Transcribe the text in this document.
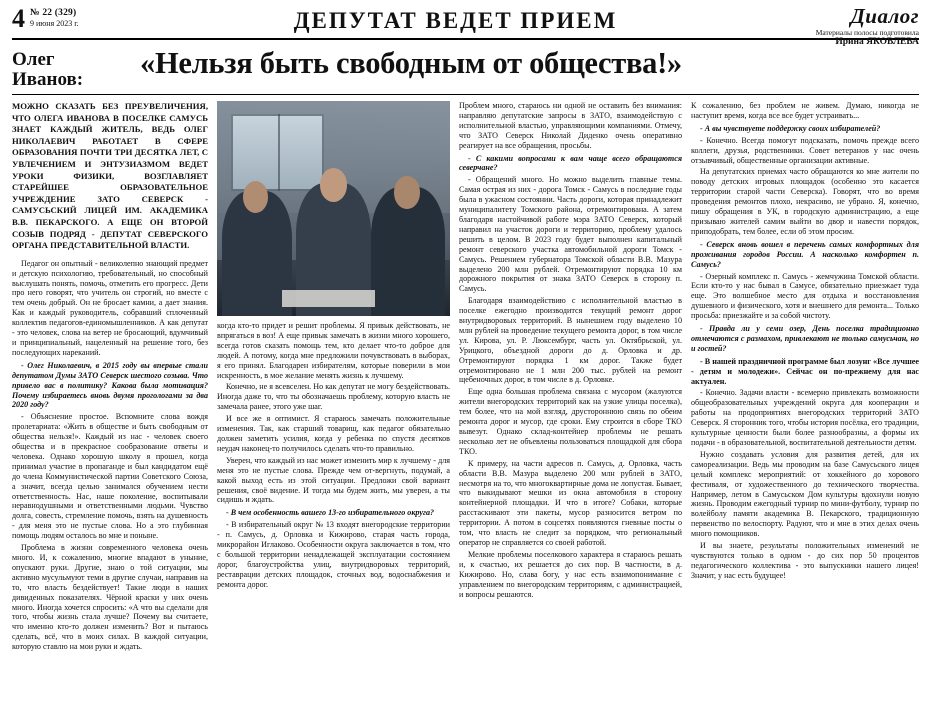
4 № 22 (329)
9 июня 2023 г.	ДЕПУТАТ ВЕДЕТ ПРИЕМ	Диалог
Материалы полосы подготовила
Ирина ЯКОВЛЕВА
Олег
Иванов:	«Нельзя быть свободным от общества!»
МОЖНО СКАЗАТЬ БЕЗ ПРЕУВЕЛИЧЕНИЯ, ЧТО ОЛЕГА ИВАНОВА В ПОСЕЛКЕ САМУСЬ ЗНАЕТ КАЖДЫЙ ЖИТЕЛЬ, ВЕДЬ ОЛЕГ НИКОЛАЕВИЧ РАБОТАЕТ В СФЕРЕ ОБРАЗОВАНИЯ ПОЧТИ ТРИ ДЕСЯТКА ЛЕТ, С УВЛЕЧЕНИЕМ И ЭНТУЗИАЗМОМ ВЕДЕТ УРОКИ ФИЗИКИ, ВОЗГЛАВЛЯЕТ СТАРЕЙШЕЕ ОБРАЗОВАТЕЛЬНОЕ УЧРЕЖДЕНИЕ ЗАТО СЕВЕРСК - САМУСЬСКИЙ ЛИЦЕЙ ИМ. АКАДЕМИКА В.В. ПЕКАРСКОГО. А ЕЩЕ ОН ВТОРОЙ СОЗЫВ ПОДРЯД - ДЕПУТАТ СЕВЕРСКОГО ОРГАНА ПРЕДСТАВИТЕЛЬНОЙ ВЛАСТИ.

Педагог он опытный - великолепно знающий предмет и детскую психологию, требовательный, но способный выслушать понять, помочь, отметить его прогресс. Дети про него говорят, что учитель он строгий, но вместе с тем очень добрый. Он не бросает камни, а дает знания. Как и каждый руководитель, собравший сплоченный коллектив педагогов-единомышленников. А как депутат - это человек, слова на ветер не бросающий, вдумчивый и принципиальный, нацеленный на решение того, без последующих нареканий.

- Олег Николаевич, в 2015 году вы впервые стали депутатом Думы ЗАТО Северск шестого созыва. Что привело вас в политику? Какова была мотивация? Почему избираетесь вновь двумя прогологами за два 2020 году?

- Объяснение простое. Вспомните слова вождя пролетариата: «Жить в обществе и быть свободным от общества нельзя!». Каждый из нас - человек своего общества и в прекрасное сообразование ответы и человека. Однако хорошую школу я прошел, когда принимал участие в пропаганде и был кандидатом ещё до члена Коммунистической партии Советского Союза, а значит, всегда целью занимался обучением нести ответственность. Нас, наше поколение, воспитывали неравнодушными и ответственными людьми. Чувство долга, совесть, стремление помочь, взять на душевность - для меня это не пустые слова. Но а это глубинная помощь людям осталось во мне и поныне.

Проблема в жизни современного человека очень много. И, к сожалению, многие впадают в уныние, опускают руки. Другие, знаю о той ситуации, мы активно мусульмуют теми в другие случаи, направив на то, что власть бездействует! Такие люди в наших дивиденных показателях. Чёрной краски у них очень много. Иногда хочется спросить: «А что вы сделали для того, чтобы жизнь стала лучше? Почему вы считаете, что именно кто-то должен изменить? Вот и пытаюсь сделать, всё, что в моих силах. В каждой ситуации, которую ставлю на мои руки и ждать.

когда кто-то придет и решит проблемы. Я привык действовать, не впрягаться в воз! А еще привык замечать в жизни много хорошего, всегда готов сказать помощь тем, кто делает что-то доброе для людей. А потому, когда мне предложили почувствовать в выборах, я его принял. Благодарен избирателям, которые поверили в мои искренность, в мое желание менять жизнь к лучшему.

Конечно, не я всевселен. Но как депутат не могу бездействовать. Иногда даже то, что ты обозначаешь проблему, которую власть не замечала ранее, этого уже шаг.

И все же я оптимист. Я стараюсь замечать положительные изменения. Так, как старший товарищ, как педагог обязательно должен заметить усилия, когда у ребенка по спустя десятков неудач наконец-то получилось сделать что-то правильно.

Уверен, что каждый из нас может изменить мир к лучшему - для меня это не пустые слова. Прежде чем от-вергнуть, подумай, а какой выход есть из этой ситуации. Предложи свой вариант решения, своё видение. И тогда мы будем жить, мы уверен, а ты сидишь и ждать.

- В чем особенность вашего 13-го избирательного округа?

- В избирательный округ № 13 входят внегородские территории - п. Самусь, д. Орловка и Кижирово, старая часть города, микрорайон Иглаково. Особенности округа заключается в том, что с большой территории ненадлежащей эксплуатации состоянием дорог, благоустройства улиц, внутридворовых территорий, реставрации детских площадок, сточных вод, водоснабжения и ремонта дорог.

Проблем много, стараюсь ни одной не оставить без внимания: направляю депутатские запросы в ЗАТО, взаимодействую с исполнительной властью, управляющими компаниями. Отмечу, что ЗАТО Северск Николай Диденко очень оперативно реагирует на все обращения, просьбы.

- С какими вопросами к вам чаще всего обращаются северчане?

- Обращений много. Но можно выделить главные темы. Самая острая из них - дорога Томск - Самусь в последние годы была в ужасном состоянии. Часть дороги, которая принадлежит муниципалитету Томского района, отремонтирована. А затем благодаря настойчивой работе мэра ЗАТО Северск, который направил на участок дороги и территорию, проблему удалось решить в целом. В 2023 году будет выполнен капитальный ремонт северского участка автомобильной дороги Томск - Самусь. Решением губернатора Томской области В.В. Мазура выделено 200 млн рублей. Отремонтируют порядка 10 км дорожного покрытия от знака ЗАТО Северск в сторону п. Самусь.

Благодаря взаимодействию с исполнительной властью в поселке ежегодно производится текущий ремонт дорог внутридворовых территорий. В нынешнем году выделено 10 млн рублей на проведение текущего ремонта дорог, в том числе ул. Кирова, ул. Р. Люксембург, часть ул. Октябрьской, ул. Урицкого, объездной дороги до д. Орловка и др. Отремонтируют порядка 1 км дорог. Также будет отремонтировано не 1 млн 200 тыс. рублей на ремонт щебеночных дорог, в том числе в д. Орловке.

Еще одна большая проблема связана с мусором (жалуются жители внегородских территорий как на узкие улицы поселка), тем более, что на мой взгляд, друстороннюю связь по обеим ремонта дорог и мусор, где сроки. Ему строится в сборе ТКО вывезут. Однако склад-контейнер проблемы не решать несколько лет не объевлены пользоваться площадкой для сбора ТКО.

К примеру, на части адресов п. Самусь, д. Орловка, часть области В.В. Мазура выделено 200 млн рублей в ЗАТО, несмотря на то, что многоквартирные дома не лопустая. Бывает, что выкидывают мешки из окна автомобиля в сторону контейнерной площадки. И что в итоге? Собаки, которые расстаскивают эти пакеты, мусор разносится ветром по территории. А потом в соцсетях появляются гневные посты о том, что власть не следит за порядком, что региональный оператор не справляется со своей работой.

Мелкие проблемы поселкового характера я стараюсь решать и, к счастью, их решается до сих пор. В частности, в д. Кижирово. Но, слава богу, у нас есть взаимопонимание с управлением по внегородским территориям, с администрацией, и вопросы решаются.

К сожалению, без проблем не живем. Думаю, никогда не наступит время, когда все все будет устраивать...

- А вы чувствуете поддержку своих избирателей?

- Конечно. Всегда помогут подсказать, помочь прежде всего коллеги, друзья, родственники. Совет ветеранов у нас очень отзывчивый, общественные организации активные.

На депутатских приемах часто обращаются ко мне жители по поводу детских игровых площадок (особенно это касается территории старой части Северска). Говорят, что во время проведения ремонтов плохо, некрасиво, не убрано. Я, конечно, пишу обращения в УК, в городскую администрацию, а еще призываю жителей самим выйти во двор и навести порядок, приподобрать, тем более, если об этом просим.

- Северск вновь вошел в перечень самых комфортных для проживания городов России. А насколько комфортен п. Самусь?

- Озерный комплекс п. Самусь - жемчужина Томской области. Если кто-то у нас бывал в Самусе, обязательно приезжает туда еще. Это волшебное место для отдыха и восстановления душевного и физического, хотя и внешнего для ремонта... Только просьба: приезжайте и за собой чистоту.

- Правда ли у семи озер, День поселка традиционно отмечаются с размахом, привлекают не только самусьчан, но и гостей?

- В нашей праздничной программе был лозунг «Все лучшее - детям и молодежи». Сейчас он по-прежнему для нас актуален.

- Конечно. Задачи власти - всемерно привлекать возможности общеобразовательных учреждений округа для кооперации и работы на продоприятиях внегородских территорий ЗАТО Северск. Я сторонник того, чтобы история посёлка, его традиции, культурные ценности были более разнообразны, а формы их подачи - в образовательной, воспитательной деятельности детям.

Нужно создавать условия для развития детей, для их самореализации. Ведь мы проводим на базе Самусьского лицея целый комплекс мероприятий: от хоккейного до хорового фестиваля, от художественного до технического творчества. Например, летом в Самусьском Дом культуры вдохнули новую жизнь. Проводим ежегодный турнир по мини-футболу, турнир по волейболу памяти академика В. Пекарского, традиционную первенство по велоспорту. Радуют, что и мне в этих делах очень много помощников.

И вы знаете, результаты положительных изменений не чувствуются только в одном - до сих пор 50 процентов педагогического коллектива - это выпускники нашего лицея! Значит, у нас есть будущее!
